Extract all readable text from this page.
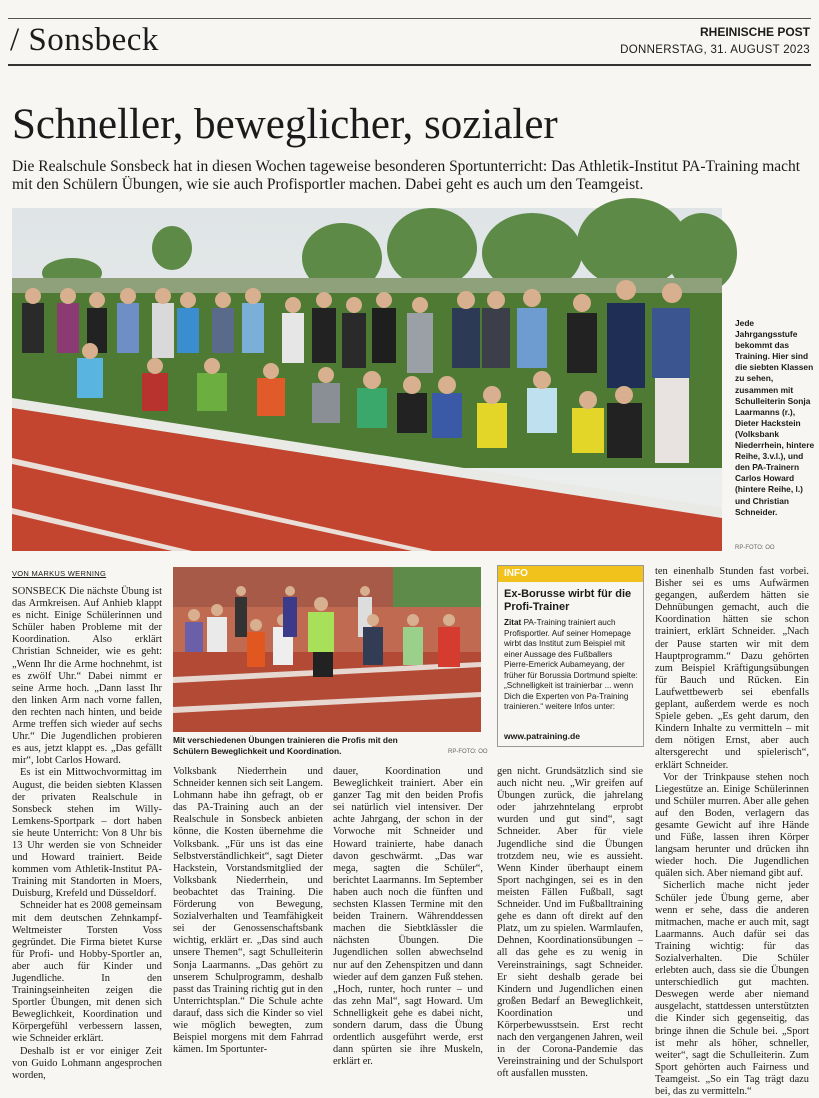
/ Sonsbeck	RHEINISCHE POST
DONNERSTAG, 31. AUGUST 2023
Schneller, beweglicher, sozialer
Die Realschule Sonsbeck hat in diesen Wochen tageweise besonderen Sportunterricht: Das Athletik-Institut PA-Training macht mit den Schülern Übungen, wie sie auch Profisportler machen. Dabei geht es auch um den Teamgeist.
Jede Jahrgangsstufe bekommt das Training. Hier sind die siebten Klassen zu sehen, zusammen mit Schulleiterin Sonja Laarmanns (r.), Dieter Hackstein (Volksbank Niederrhein, hintere Reihe, 3.v.l.), und den PA-Trainern Carlos Howard (hintere Reihe, l.) und Christian Schneider.
RP-FOTO: OO
VON MARKUS WERNING

SONSBECK Die nächste Übung ist das Armkreisen. Auf Anhieb klappt es nicht. Einige Schülerinnen und Schüler haben Probleme mit der Koordination. Also erklärt Christian Schneider, wie es geht: „Wenn Ihr die Arme hochnehmt, ist es zwölf Uhr.“ Dabei nimmt er seine Arme hoch. „Dann lasst Ihr den linken Arm nach vorne fallen, den rechten nach hinten, und beide Arme treffen sich wieder auf sechs Uhr.“ Die Jugendlichen probieren es aus, jetzt klappt es. „Das gefällt mir“, lobt Carlos Howard.

Es ist ein Mittwochvormittag im August, die beiden siebten Klassen der privaten Realschule in Sonsbeck stehen im Willy-Lemkens-Sportpark – dort haben sie heute Unterricht: Von 8 Uhr bis 13 Uhr werden sie von Schneider und Howard trainiert. Beide kommen vom Athletik-Institut PA-Training mit Standorten in Moers, Duisburg, Krefeld und Düsseldorf.

Schneider hat es 2008 gemeinsam mit dem deutschen Zehnkampf-Weltmeister Torsten Voss gegründet. Die Firma bietet Kurse für Profi- und Hobby-Sportler an, aber auch für Kinder und Jugendliche. In den Trainingseinheiten zeigen die Sportler Übungen, mit denen sich Beweglichkeit, Koordination und Körpergefühl verbessern lassen, wie Schneider erklärt.

Deshalb ist er vor einiger Zeit von Guido Lohmann angesprochen worden,

Mit verschiedenen Übungen trainieren die Profis mit den Schülern Beweglichkeit und Koordination.	RP-FOTO: OO
INFO
Ex-Borusse wirbt für die Profi-Trainer
Zitat PA-Training trainiert auch Profisportler. Auf seiner Homepage wirbt das Institut zum Beispiel mit einer Aussage des Fußballers Pierre-Emerick Aubameyang, der früher für Borussia Dortmund spielte: „Schnelligkeit ist trainierbar ... wenn Dich die Experten von Pa-Training trainieren.“ weitere Infos unter:
www.patraining.de

Volksbank Niederrhein und Schneider kennen sich seit Langem. Lohmann habe ihn gefragt, ob er das PA-Training auch an der Realschule in Sonsbeck anbieten könne, die Kosten übernehme die Volksbank. „Für uns ist das eine Selbstverständlichkeit“, sagt Dieter Hackstein, Vorstandsmitglied der Volksbank Niederrhein, und beobachtet das Training. Die Förderung von Bewegung, Sozialverhalten und Teamfähigkeit sei der Genossenschaftsbank wichtig, erklärt er. „Das sind auch unsere Themen“, sagt Schulleiterin Sonja Laarmanns. „Das gehört zu unserem Schulprogramm, deshalb passt das Training richtig gut in den Unterrichtsplan.“ Die Schule achte darauf, dass sich die Kinder so viel wie möglich bewegten, zum Beispiel morgens mit dem Fahrrad kämen. Im Sportunter-

dauer, Koordination und Beweglichkeit trainiert. Aber ein ganzer Tag mit den beiden Profis sei natürlich viel intensiver. Der achte Jahrgang, der schon in der Vorwoche mit Schneider und Howard trainierte, habe danach davon geschwärmt. „Das war mega, sagten die Schüler“, berichtet Laarmanns. Im September haben auch noch die fünften und sechsten Klassen Termine mit den beiden Trainern. Währenddessen machen die Siebtklässler die nächsten Übungen. Die Jugendlichen sollen abwechselnd nur auf den Zehenspitzen und dann wieder auf dem ganzen Fuß stehen. „Hoch, runter, hoch runter – und das zehn Mal“, sagt Howard. Um Schnelligkeit gehe es dabei nicht, sondern darum, dass die Übung ordentlich ausgeführt werde, erst dann spürten sie ihre Muskeln, erklärt er.

gen nicht. Grundsätzlich sind sie auch nicht neu. „Wir greifen auf Übungen zurück, die jahrelang oder jahrzehntelang erprobt wurden und gut sind“, sagt Schneider. Aber für viele Jugendliche sind die Übungen trotzdem neu, wie es aussieht. Wenn Kinder überhaupt einem Sport nachgingen, sei es in den meisten Fällen Fußball, sagt Schneider. Und im Fußballtraining gehe es dann oft direkt auf den Platz, um zu spielen. Warmlaufen, Dehnen, Koordinationsübungen – all das gehe es zu wenig in Vereinstrainings, sagt Schneider. Er sieht deshalb gerade bei Kindern und Jugendlichen einen großen Bedarf an Beweglichkeit, Koordination und Körperbewusstsein. Erst recht nach den vergangenen Jahren, weil in der Corona-Pandemie das Vereinstraining und der Schulsport oft ausfallen mussten.

ten einenhalb Stunden fast vorbei. Bisher sei es ums Aufwärmen gegangen, außerdem hätten sie Dehnübungen gemacht, auch die Koordination hätten sie schon trainiert, erklärt Schneider. „Nach der Pause starten wir mit dem Hauptprogramm.“ Dazu gehörten zum Beispiel Kräftigungsübungen für Bauch und Rücken. Ein Laufwettbewerb sei ebenfalls geplant, außerdem werde es noch Spiele geben. „Es geht darum, den Kindern Inhalte zu vermitteln – mit dem nötigen Ernst, aber auch altersgerecht und spielerisch“, erklärt Schneider.

Vor der Trinkpause stehen noch Liegestütze an. Einige Schülerinnen und Schüler murren. Aber alle gehen auf den Boden, verlagern das gesamte Gewicht auf ihre Hände und Füße, lassen ihren Körper langsam herunter und drücken ihn wieder hoch. Die Jugendlichen quälen sich. Aber niemand gibt auf.

Sicherlich mache nicht jeder Schüler jede Übung gerne, aber wenn er sehe, dass die anderen mitmachen, mache er auch mit, sagt Laarmanns. Auch dafür sei das Training wichtig: für das Sozialverhalten. Die Schüler erlebten auch, dass sie die Übungen unterschiedlich gut machten. Deswegen werde aber niemand ausgelacht, stattdessen unterstützten die Kinder sich gegenseitig, das bringe ihnen die Schule bei. „Sport ist mehr als höher, schneller, weiter“, sagt die Schulleiterin. Zum Sport gehörten auch Fairness und Teamgeist. „So ein Tag trägt dazu bei, das zu vermitteln.“
